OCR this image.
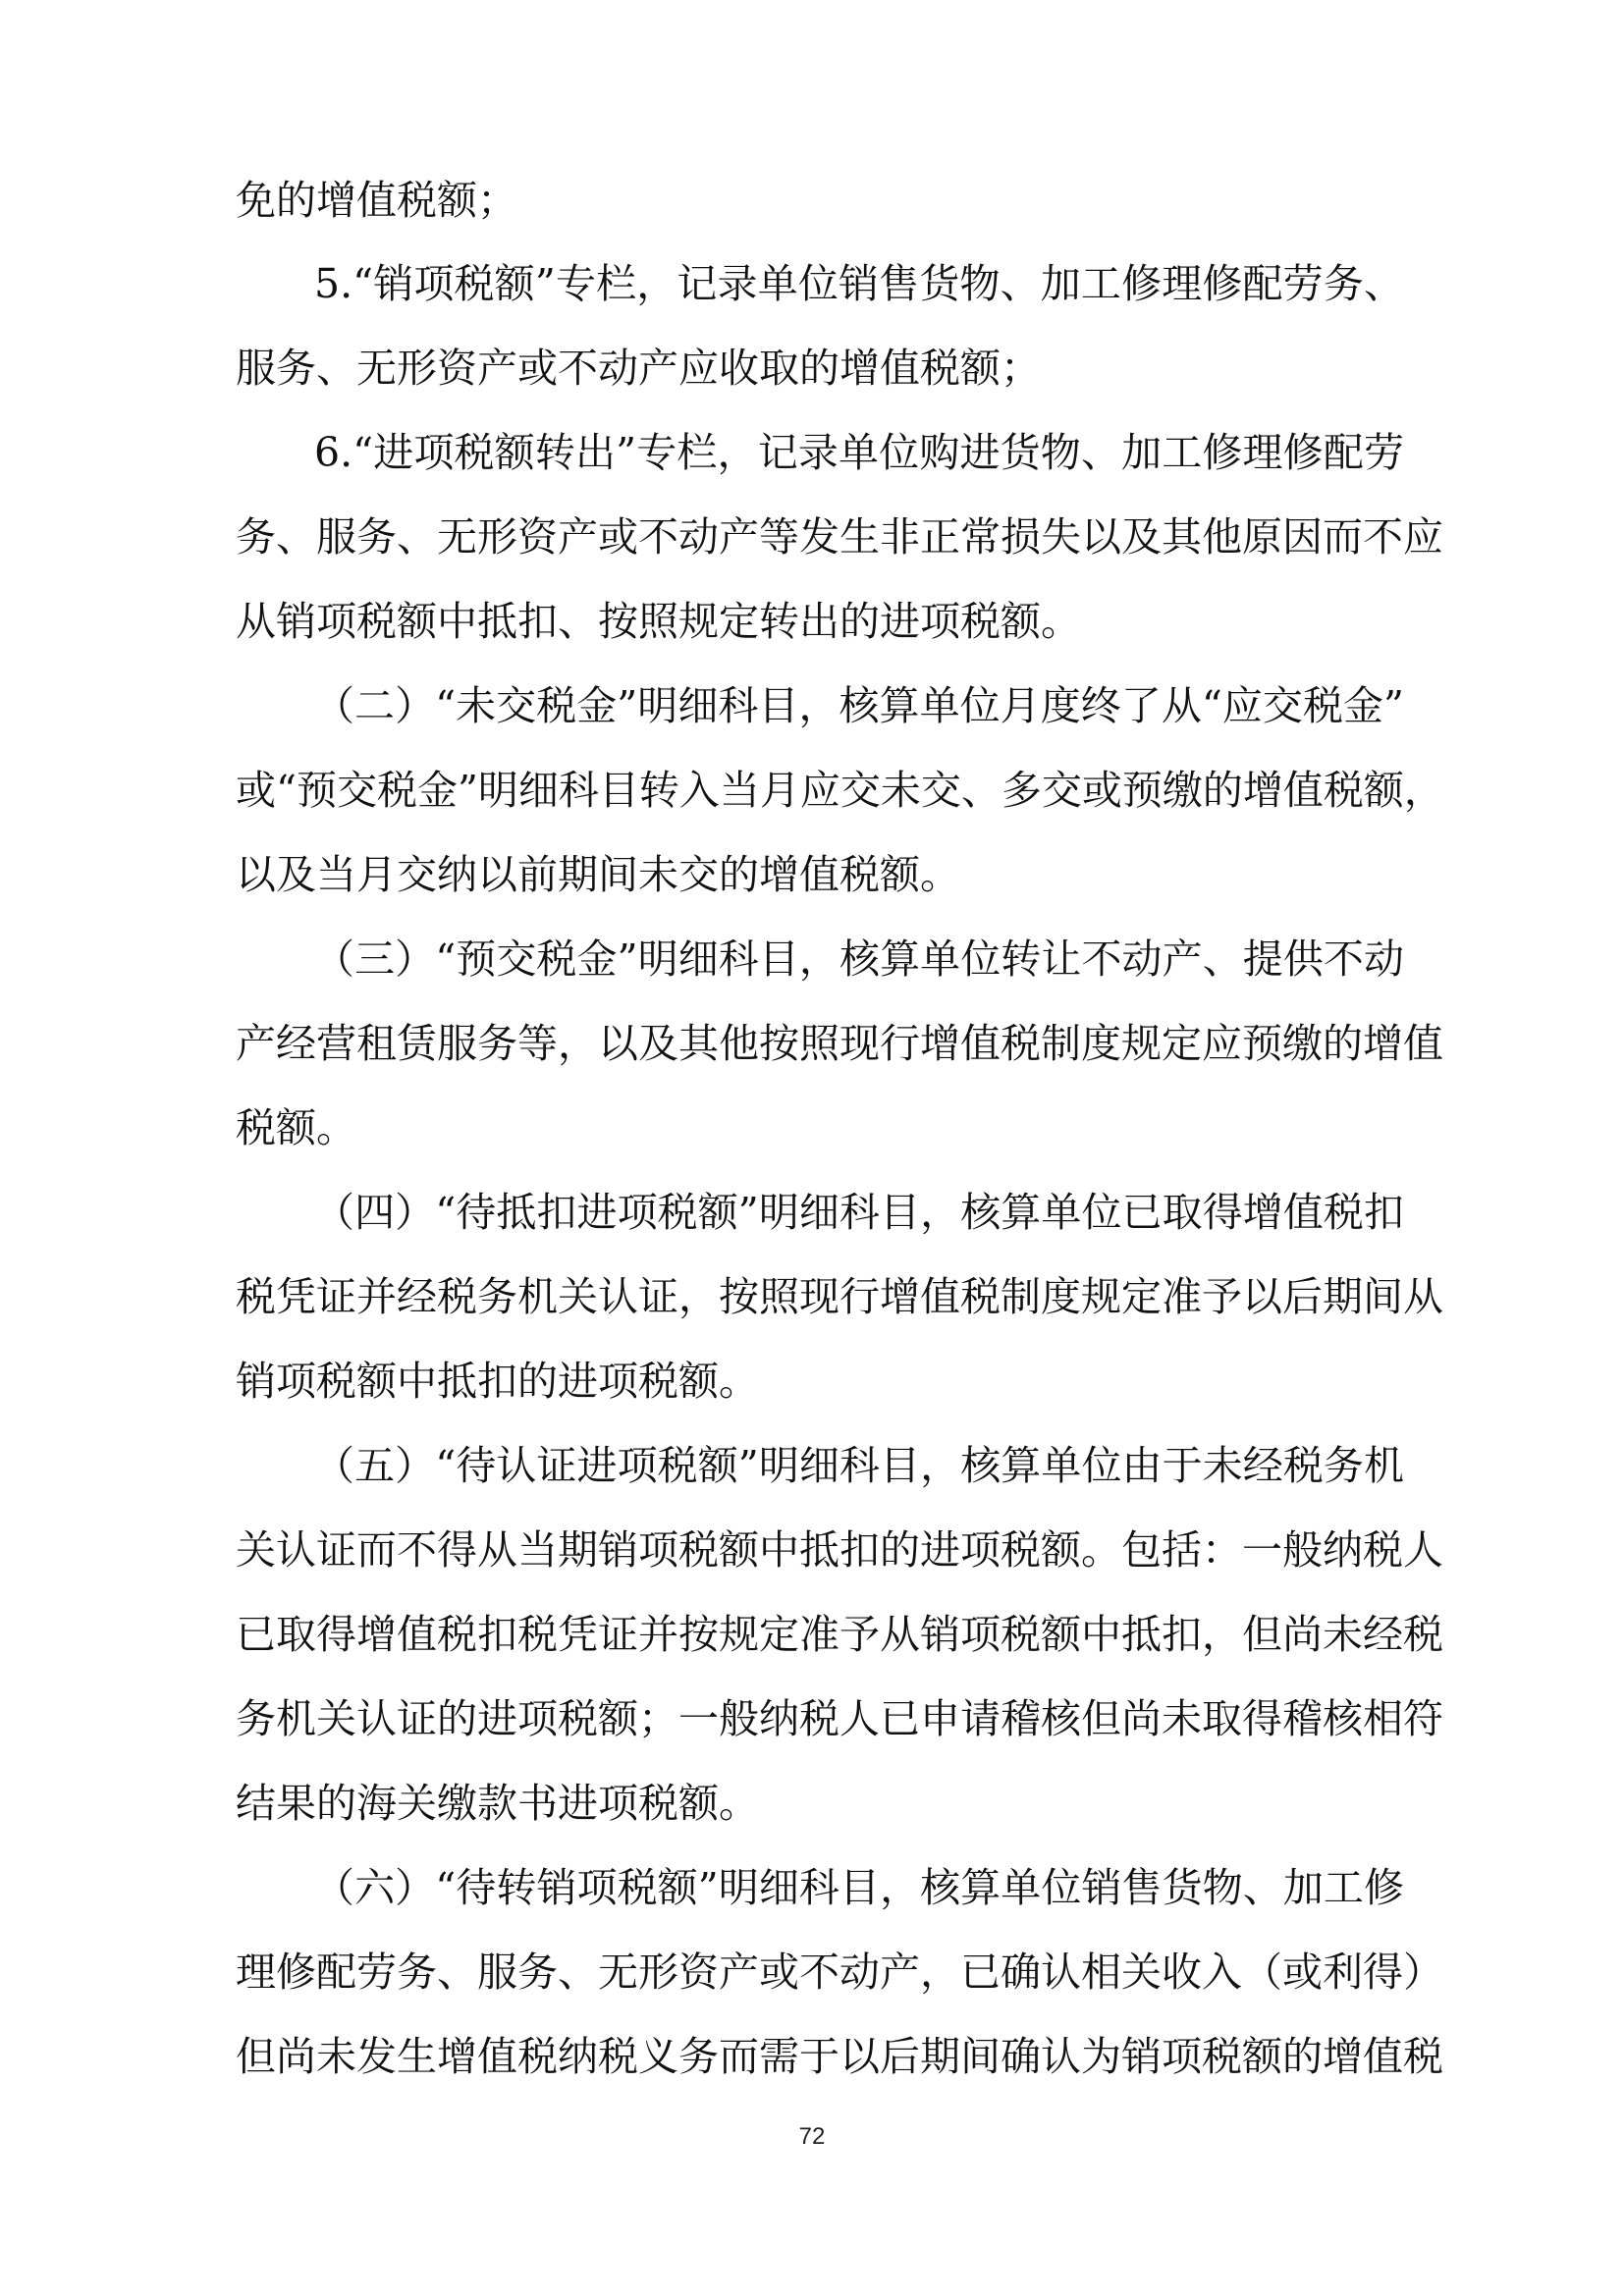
免的增值税额；
5.“销项税额”专栏，记录单位销售货物、加工修理修配劳务、
服务、无形资产或不动产应收取的增值税额；
6.“进项税额转出”专栏，记录单位购进货物、加工修理修配劳
务、服务、无形资产或不动产等发生非正常损失以及其他原因而不应
从销项税额中抵扣、按照规定转出的进项税额。
（二）“未交税金”明细科目，核算单位月度终了从“应交税金”
或“预交税金”明细科目转入当月应交未交、多交或预缴的增值税额，
以及当月交纳以前期间未交的增值税额。
（三）“预交税金”明细科目，核算单位转让不动产、提供不动
产经营租赁服务等，以及其他按照现行增值税制度规定应预缴的增值
税额。
（四）“待抵扣进项税额”明细科目，核算单位已取得增值税扣
税凭证并经税务机关认证，按照现行增值税制度规定准予以后期间从
销项税额中抵扣的进项税额。
（五）“待认证进项税额”明细科目，核算单位由于未经税务机
关认证而不得从当期销项税额中抵扣的进项税额。包括：一般纳税人
已取得增值税扣税凭证并按规定准予从销项税额中抵扣，但尚未经税
务机关认证的进项税额；一般纳税人已申请稽核但尚未取得稽核相符
结果的海关缴款书进项税额。
（六）“待转销项税额”明细科目，核算单位销售货物、加工修
理修配劳务、服务、无形资产或不动产，已确认相关收入（或利得）
但尚未发生增值税纳税义务而需于以后期间确认为销项税额的增值税
72
